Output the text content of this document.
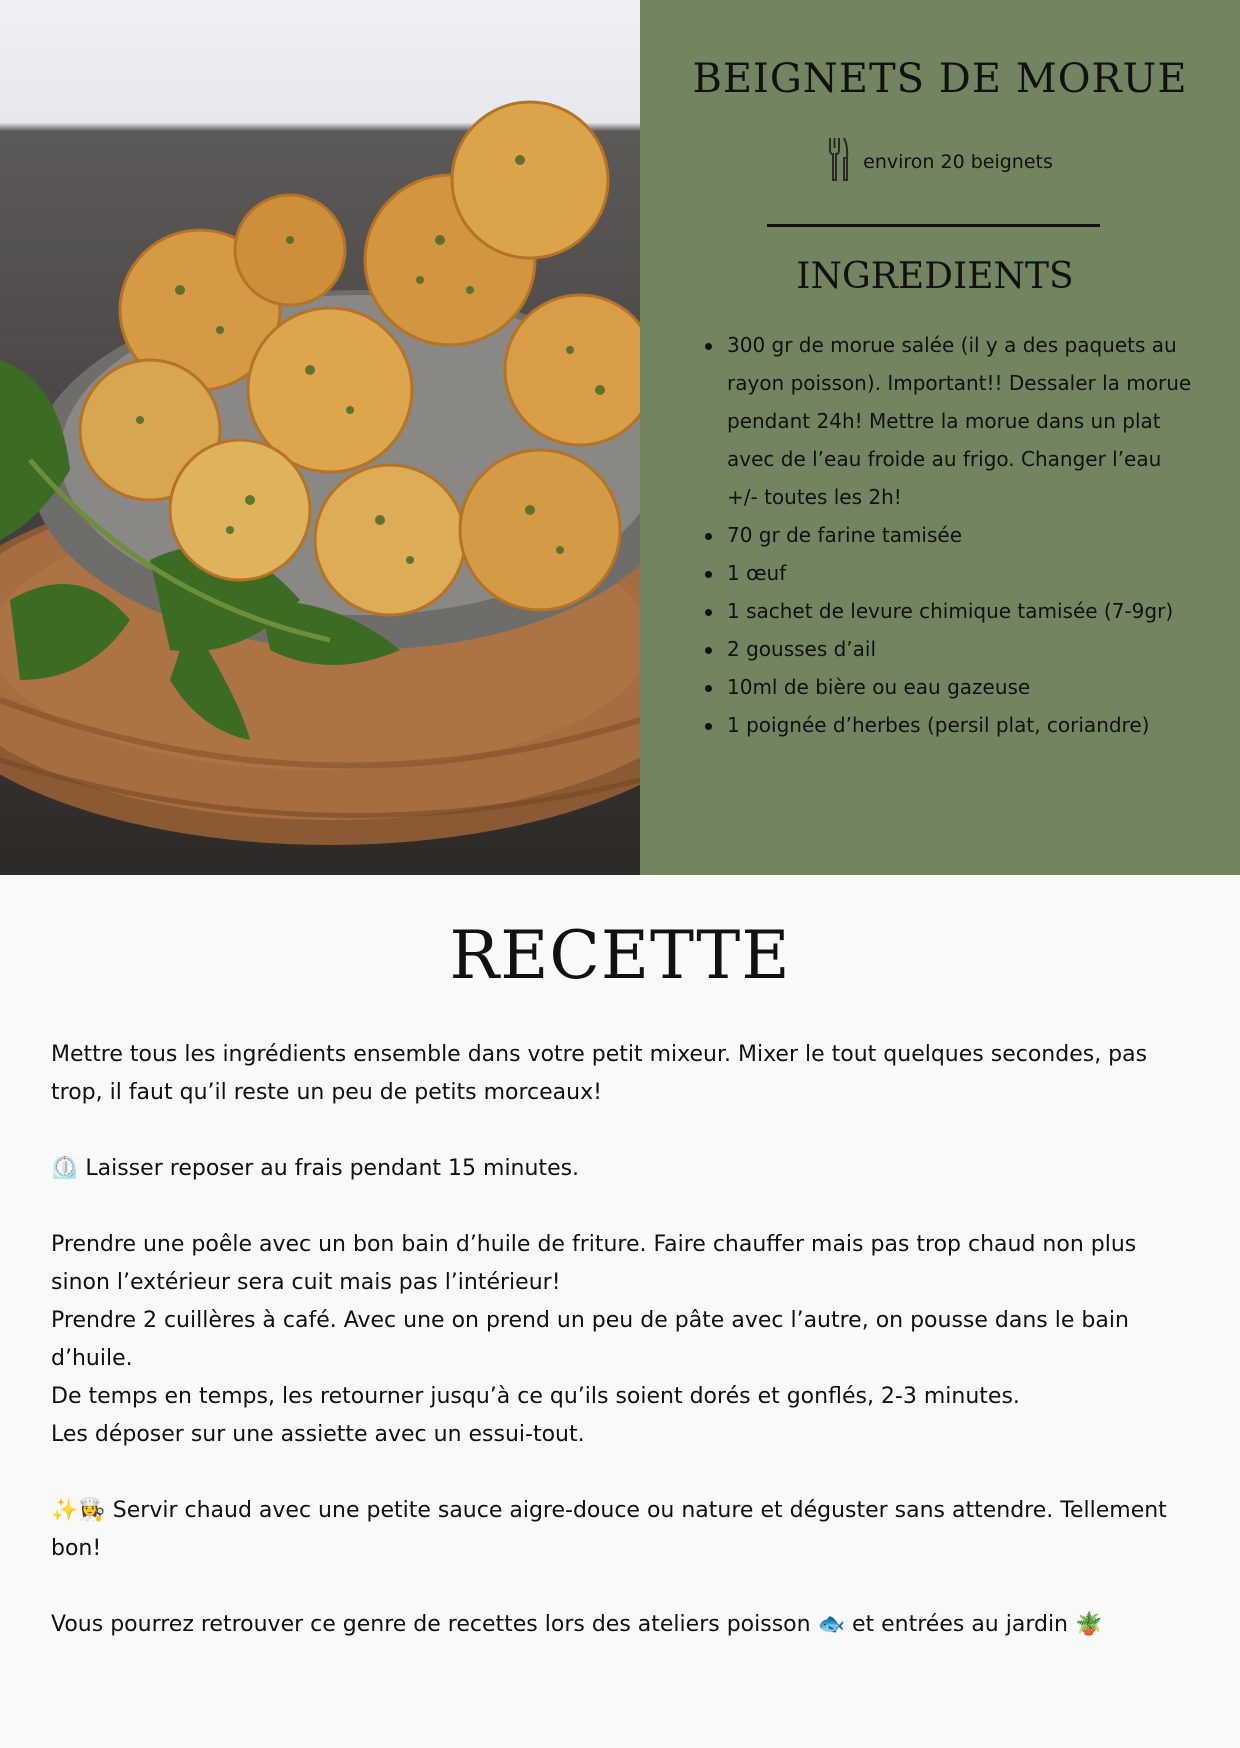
BEIGNETS DE MORUE
environ 20 beignets
INGREDIENTS
300 gr de morue salée (il y a des paquets au rayon poisson). Important!! Dessaler la morue pendant 24h! Mettre la morue dans un plat avec de l’eau froide au frigo. Changer l’eau +/- toutes les 2h!
70 gr de farine tamisée
1 œuf
1 sachet de levure chimique tamisée (7-9gr)
2 gousses d’ail
10ml de bière ou eau gazeuse
1 poignée d’herbes (persil plat, coriandre)
RECETTE

Mettre tous les ingrédients ensemble dans votre petit mixeur. Mixer le tout quelques secondes, pas trop, il faut qu’il reste un peu de petits morceaux!

⏲️ Laisser reposer au frais pendant 15 minutes.

Prendre une poêle avec un bon bain d’huile de friture. Faire chauffer mais pas trop chaud non plus sinon l’extérieur sera cuit mais pas l’intérieur!

Prendre 2 cuillères à café. Avec une on prend un peu de pâte avec l’autre, on pousse dans le bain d’huile.

De temps en temps, les retourner jusqu’à ce qu’ils soient dorés et gonflés, 2-3 minutes.

Les déposer sur une assiette avec un essui-tout.

✨👩‍🍳 Servir chaud avec une petite sauce aigre-douce ou nature et déguster sans attendre. Tellement bon!

Vous pourrez retrouver ce genre de recettes lors des ateliers poisson 🐟 et entrées au jardin 🪴
